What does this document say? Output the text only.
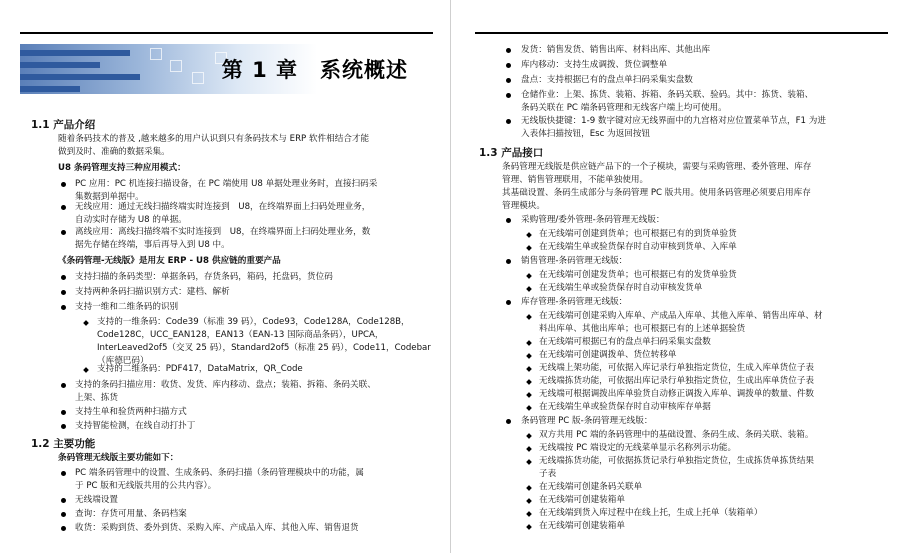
第 1 章　系统概述
1.1 产品介绍
随着条码技术的普及 ,越来越多的用户认识到只有条码技术与 ERP 软件相结合才能
做到及时、准确的数据采集。
U8 条码管理支持三种应用模式：
PC 应用：PC 机连接扫描设备，在 PC 端使用 U8 单据处理业务时，直接扫码采
集数据到单据中。
无线应用：通过无线扫描终端实时连接到　U8，在终端界面上扫码处理业务，
自动实时存储为 U8 的单据。
离线应用：离线扫描终端不实时连接到　U8，在终端界面上扫码处理业务，数
据先存储在终端，事后再导入到 U8 中。
《条码管理-无线版》是用友 ERP - U8 供应链的重要产品
支持扫描的条码类型：单据条码，存货条码，箱码，托盘码，货位码
支持两种条码扫描识别方式：建档、解析
支持一维和二维条码的识别
支持的一维条码：Code39（标准 39 码），Code93，Code128A，Code128B，
Code128C，UCC_EAN128，EAN13（EAN-13 国际商品条码），UPCA，
InterLeaved2of5（交叉 25 码），Standard2of5（标准 25 码），Code11，Codebar
（库德巴码）
支持的二维条码：PDF417，DataMatrix，QR_Code
支持的条码扫描应用：收货、发货、库内移动、盘点；装箱、拆箱、条码关联、
上架、拣货
支持生单和验货两种扫描方式
支持智能检测，在线自动打扑丁
1.2 主要功能
条码管理无线版主要功能如下：
PC 端条码管理中的设置、生成条码、条码扫描（条码管理模块中的功能，属
于 PC 版和无线版共用的公共内容）。
无线端设置
查询：存货可用量、条码档案
收货：采购到货、委外到货、采购入库、产成品入库、其他入库、销售退货
发货：销售发货、销售出库、材料出库、其他出库
库内移动：支持生成调拨、货位调整单
盘点：支持根据已有的盘点单扫码采集实盘数
仓储作业：上架、拣货、装箱、拆箱、条码关联、验码。其中：拣货、装箱、
条码关联在 PC 端条码管理和无线客户端上均可使用。
无线版快捷键：1-9 数字键对应无线界面中的九宫格对应位置菜单节点，F1 为进
入表体扫描按钮，Esc 为返回按钮
1.3 产品接口
条码管理无线版是供应链产品下的一个子模块，需要与采购管理、委外管理、库存
管理、销售管理联用，不能单独使用。
其基础设置、条码生成部分与条码管理 PC 版共用。使用条码管理必须要启用库存
管理模块。
采购管理/委外管理-条码管理无线版：
在无线端可创建到货单；也可根据已有的到货单验货
在无线端生单或验货保存时自动审核到货单、入库单
销售管理-条码管理无线版：
在无线端可创建发货单；也可根据已有的发货单验货
在无线端生单或验货保存时自动审核发货单
库存管理-条码管理无线版：
在无线端可创建采购入库单、产成品入库单、其他入库单、销售出库单、材
料出库单、其他出库单；也可根据已有的上述单据验货
在无线端可根据已有的盘点单扫码采集实盘数
在无线端可创建调拨单、货位转移单
无线端上架功能，可依据入库记录行单独指定货位，生成入库单货位子表
无线端拣货功能，可依据出库记录行单独指定货位，生成出库单货位子表
无线端可根据调拨出库单验货自动修正调拨入库单、调拨单的数量、件数
在无线端生单或验货保存时自动审核库存单据
条码管理 PC 版-条码管理无线版：
双方共用 PC 端的条码管理中的基础设置、条码生成、条码关联、装箱。
无线端按 PC 端设定的无线菜单显示名称列示功能。
无线端拣货功能，可依据拣货记录行单独指定货位，生成拣货单拣货结果
子表
在无线端可创建条码关联单
在无线端可创建装箱单
在无线端到货入库过程中在线上托，生成上托单（装箱单）
在无线端可创建装箱单
